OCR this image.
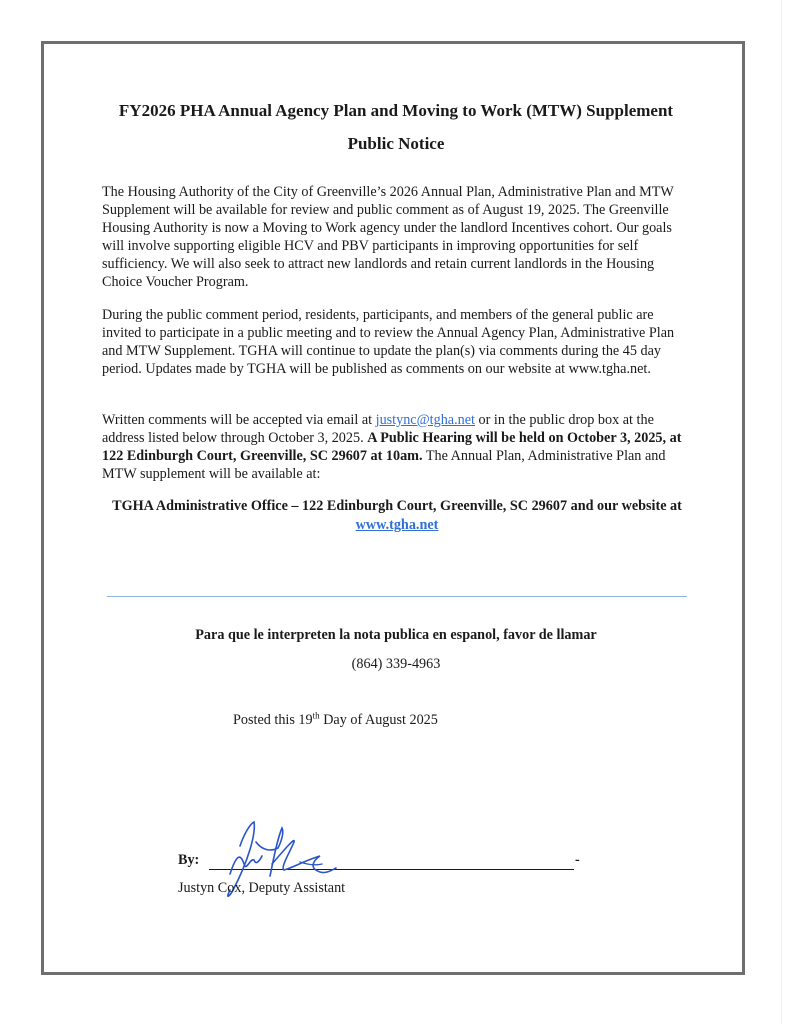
FY2026 PHA Annual Agency Plan and Moving to Work (MTW) Supplement
Public Notice

The Housing Authority of the City of Greenville’s 2026 Annual Plan, Administrative Plan and MTW Supplement will be available for review and public comment as of August 19, 2025. The Greenville Housing Authority is now a Moving to Work agency under the landlord Incentives cohort. Our goals will involve supporting eligible HCV and PBV participants in improving opportunities for self sufficiency. We will also seek to attract new landlords and retain current landlords in the Housing Choice Voucher Program.

During the public comment period, residents, participants, and members of the general public are invited to participate in a public meeting and to review the Annual Agency Plan, Administrative Plan and MTW Supplement. TGHA will continue to update the plan(s) via comments during the 45 day period. Updates made by TGHA will be published as comments on our website at www.tgha.net.

Written comments will be accepted via email at justync@tgha.net or in the public drop box at the address listed below through October 3, 2025. A Public Hearing will be held on October 3, 2025, at 122 Edinburgh Court, Greenville, SC 29607 at 10am. The Annual Plan, Administrative Plan and MTW supplement will be available at:

TGHA Administrative Office – 122 Edinburgh Court, Greenville, SC 29607 and our website at www.tgha.net

Para que le interpreten la nota publica en espanol, favor de llamar
(864) 339-4963
Posted this 19th Day of August 2025
By:	-
Justyn Cox, Deputy Assistant
